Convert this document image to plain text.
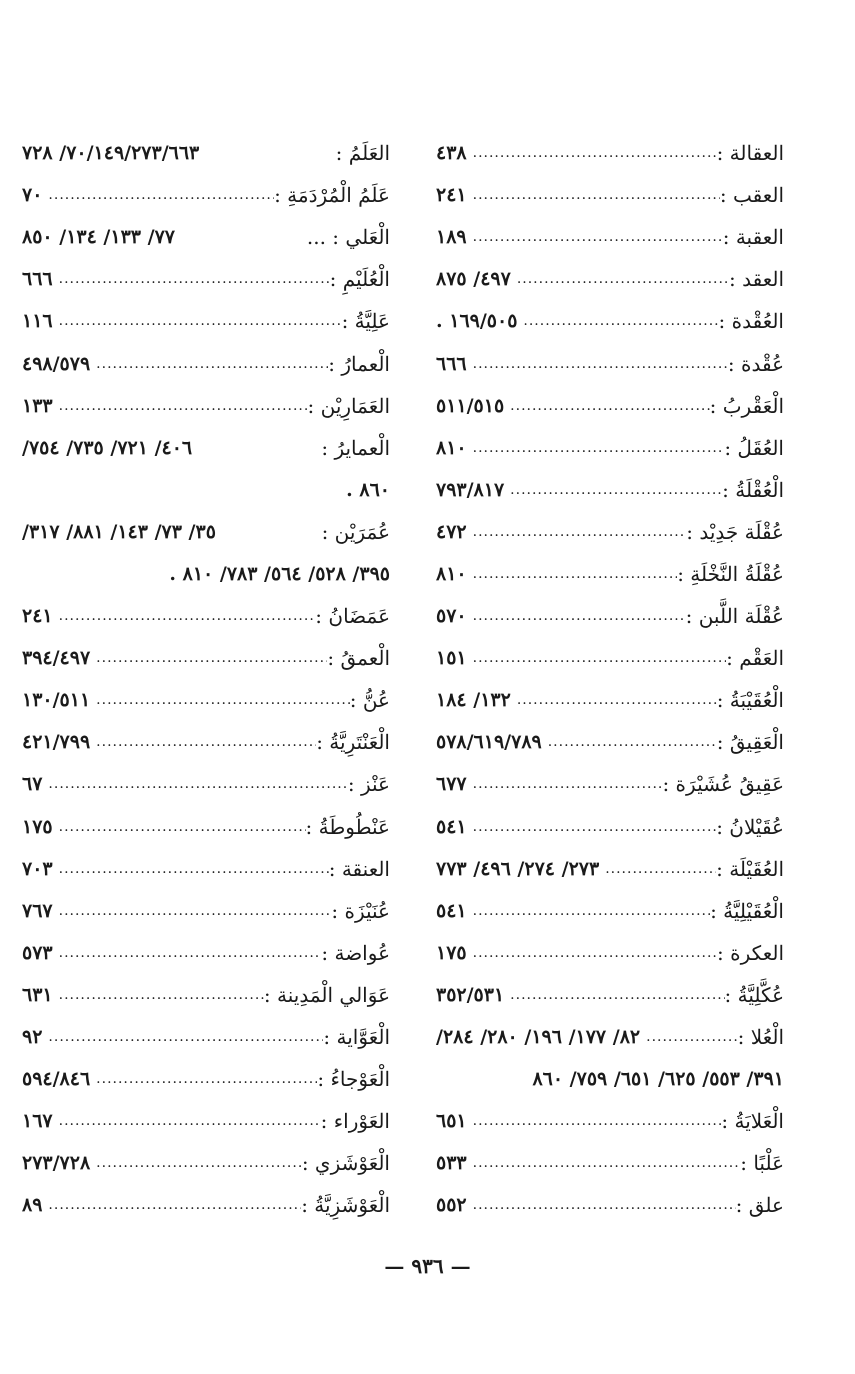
العقالة :
.....
٤٣٨
العقب :
.....
٢٤١
العقبة :
.....
١٨٩
العقد :
.....
٤٩٧/ ٨٧٥
العُقْدة :
.....
١٦٩/٥٠٥ .
عُقْدة :
.....
٦٦٦
الْعَقْربُ :
.....
٥١١/٥١٥
العُقَلُ :
.....
٨١٠
الْعُقْلَةُ :
.....
٧٩٣/٨١٧
عُقْلَة جَدِيْد :
.....
٤٧٢
عُقْلَةُ النَّخْلَةِ :
.....
٨١٠
عُقْلَة اللَّبن :
.....
٥٧٠
العَقْم :
.....
١٥١
الْعُقَيْبَةُ :
.....
١٣٢/ ١٨٤
الْعَقِيقُ :
.....
٥٧٨/٦١٩/٧٨٩
عَقِيقُ عُشَيْرَة :
.....
٦٧٧
عُقَيْلانُ :
.....
٥٤١
العُقَيْلَة :
.....
٢٧٣/ ٢٧٤/ ٤٩٦/ ٧٧٣
الْعُقَيْلِيَّةُ :
.....
٥٤١
العكرة :
.....
١٧٥
عُكَّلِيَّةُ :
.....
٣٥٢/٥٣١
الْعُلا :
.....
٨٢/ ١٧٧/ ١٩٦/ ٢٨٠/ ٢٨٤/
٣٩١/ ٥٥٣/ ٦٢٥/ ٦٥١/ ٧٥٩/ ٨٦٠
الْعَلايَةُ :
.....
٦٥١
عَلْبًا :
.....
٥٣٣
علق :
.....
٥٥٢
العَلَمُ :
٧٠/١٤٩/٢٧٣/٦٦٣/ ٧٢٨
عَلَمُ الْمُرْدَمَةِ :
.....
٧٠
الْعَلي : ...
٧٧/ ١٣٣/ ١٣٤/ ٨٥٠
الْعُلَيْمِ :
.....
٦٦٦
عَلِيَّةُ :
.....
١١٦
الْعمارُ :
.....
٤٩٨/٥٧٩
العَمَارِيْن :
.....
١٣٣
الْعمايرُ :
٤٠٦/ ٧٢١/ ٧٣٥/ ٧٥٤/
٨٦٠ .
عُمَرَيْن :
٣٥/ ٧٣/ ١٤٣/ ٨٨١/ ٣١٧/
٣٩٥/ ٥٢٨/ ٥٦٤/ ٧٨٣/ ٨١٠ .
عَمَضَانُ :
.....
٢٤١
الْعمقُ :
.....
٣٩٤/٤٩٧
عُنُّ :
.....
١٣٠/٥١١
الْعَنْتَرِيَّةُ :
.....
٤٢١/٧٩٩
عَنْز :
.....
٦٧
عَنْطُوطَةُ :
.....
١٧٥
العنقة :
.....
٧٠٣
عُنَيْزَة :
.....
٧٦٧
عُواضة :
.....
٥٧٣
عَوَالي الْمَدِينة :
.....
٦٣١
الْعَوَّاية :
.....
٩٢
الْعَوْجاءُ :
.....
٥٩٤/٨٤٦
العَوْراء :
.....
١٦٧
الْعَوْشَزي :
.....
٢٧٣/٧٢٨
الْعَوْشَزِيَّةُ :
.....
٨٩
— ٩٣٦ —
